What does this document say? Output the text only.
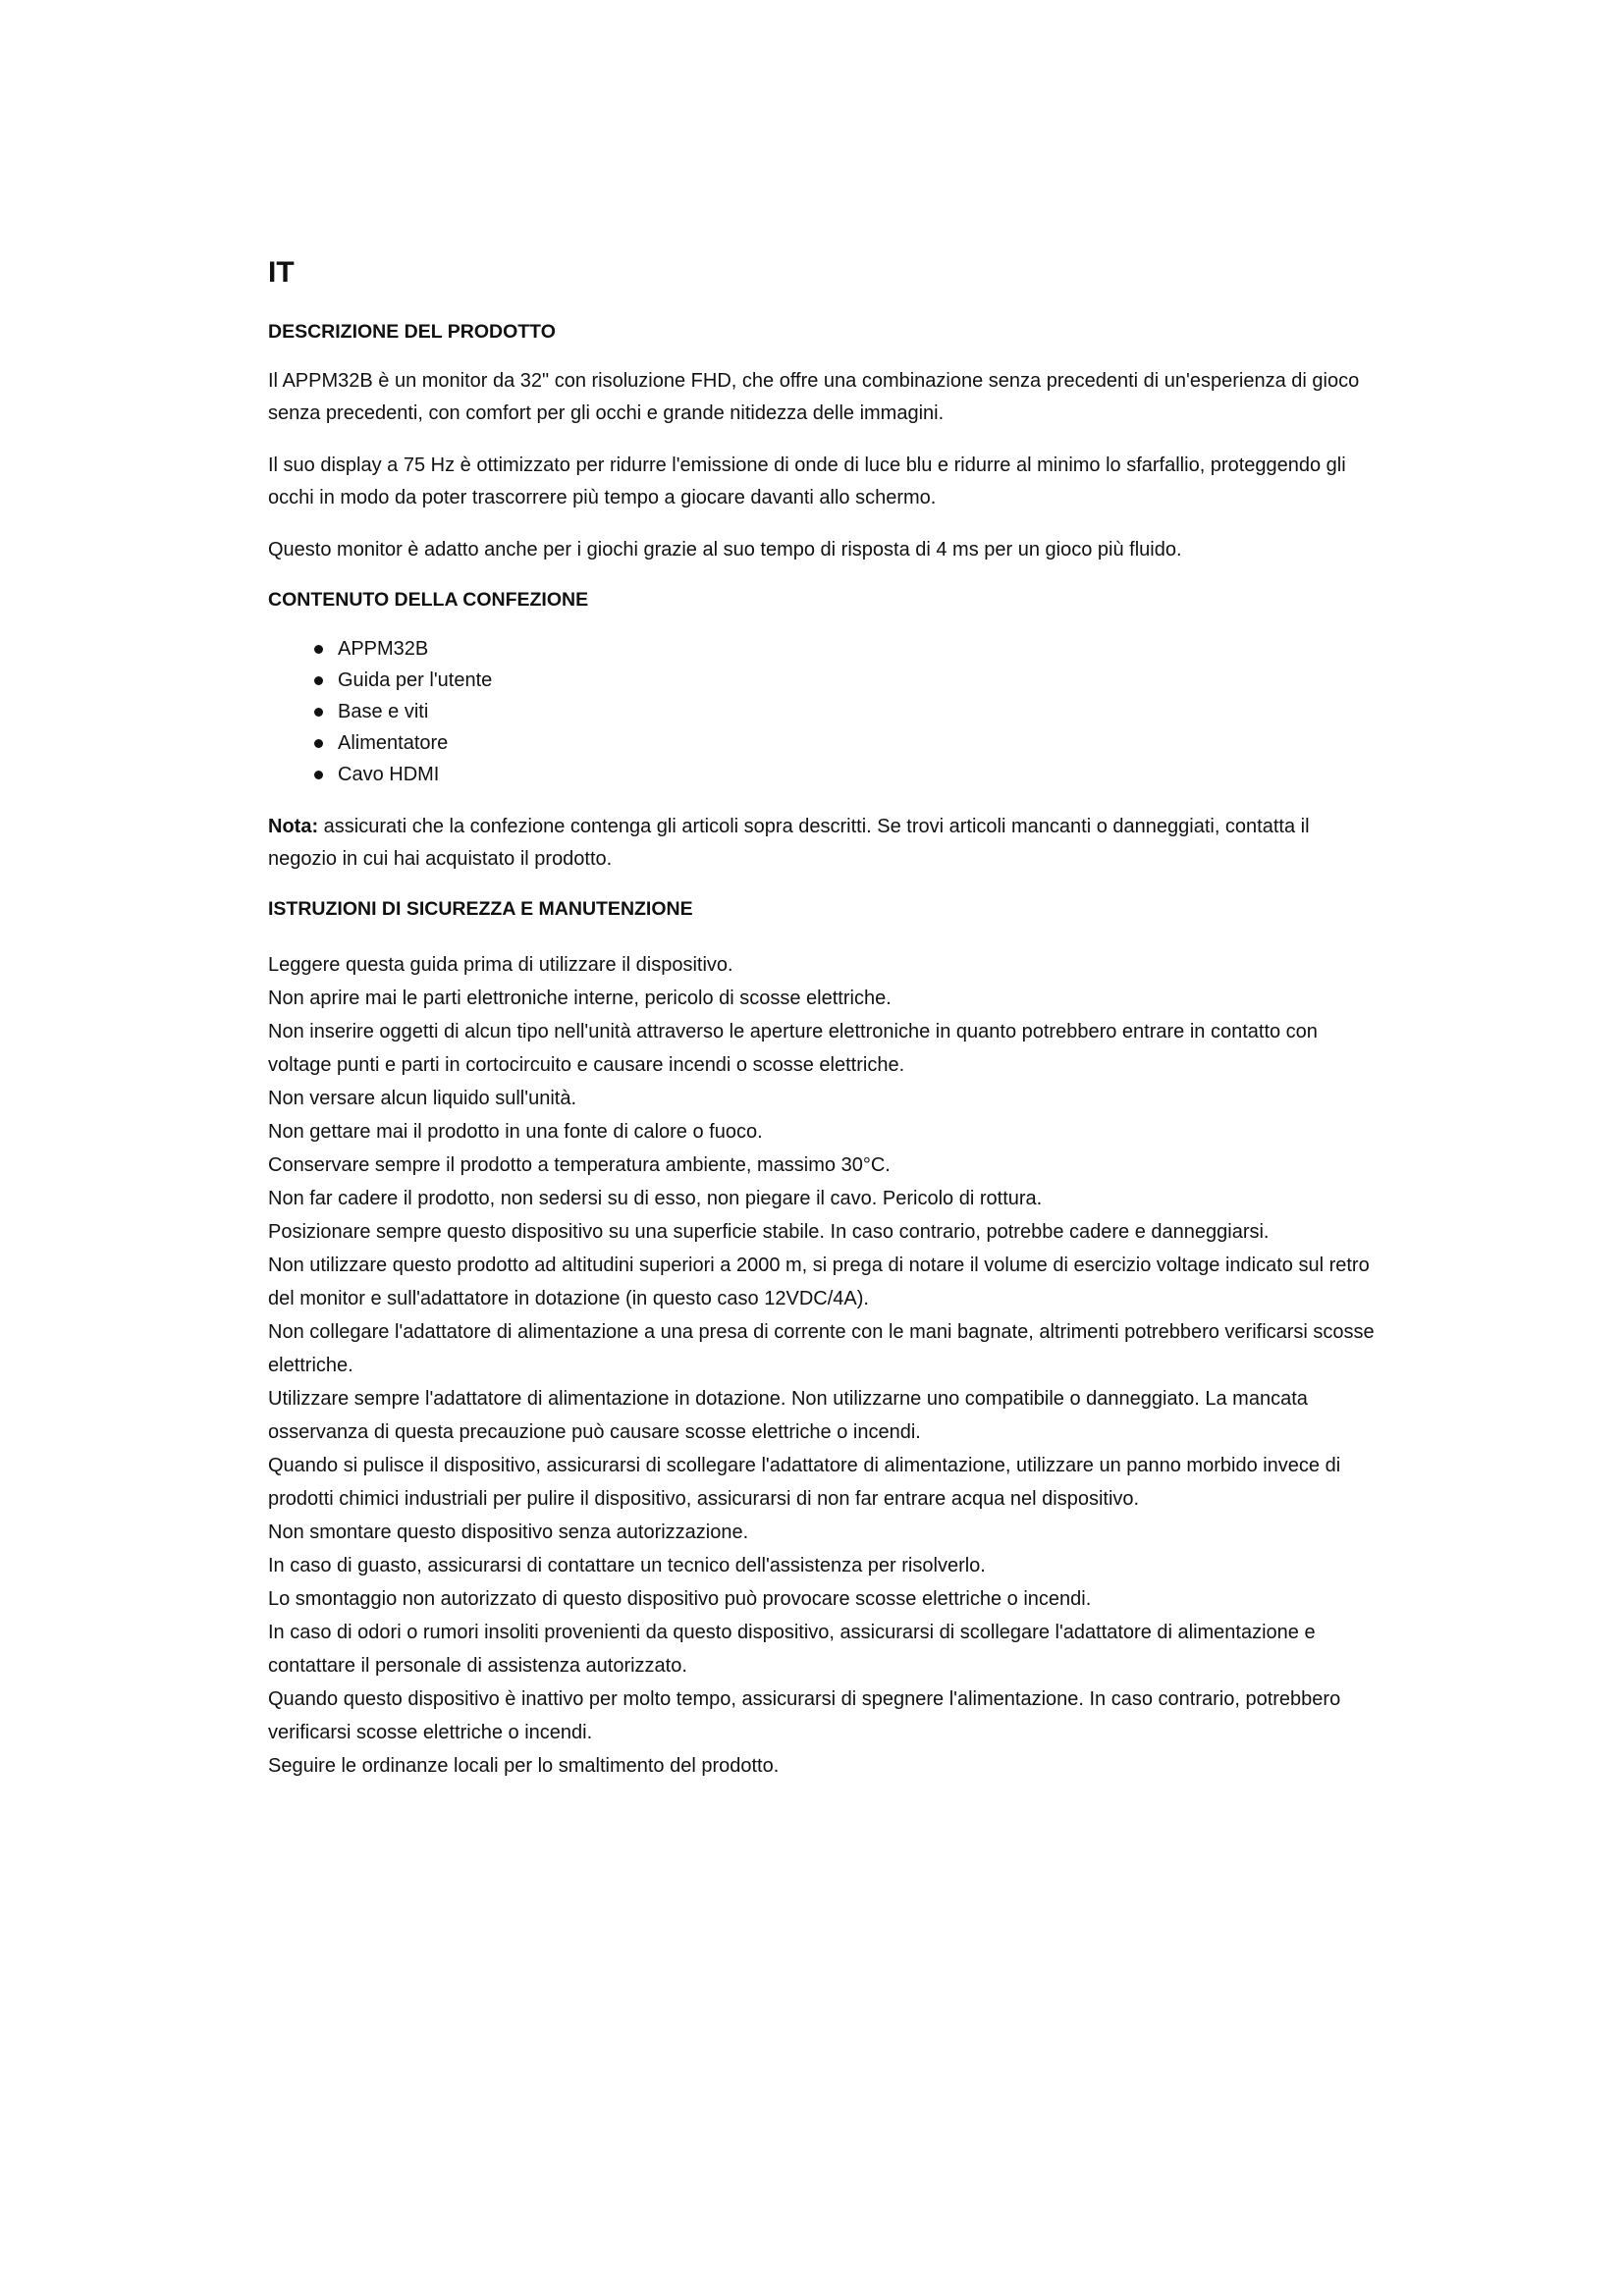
IT
DESCRIZIONE DEL PRODOTTO

Il APPM32B è un monitor da 32" con risoluzione FHD, che offre una combinazione senza precedenti di un'esperienza di gioco senza precedenti, con comfort per gli occhi e grande nitidezza delle immagini.

Il suo display a 75 Hz è ottimizzato per ridurre l'emissione di onde di luce blu e ridurre al minimo lo sfarfallio, proteggendo gli occhi in modo da poter trascorrere più tempo a giocare davanti allo schermo.

Questo monitor è adatto anche per i giochi grazie al suo tempo di risposta di 4 ms per un gioco più fluido.

CONTENUTO DELLA CONFEZIONE
APPM32B
Guida per l'utente
Base e viti
Alimentatore
Cavo HDMI

Nota: assicurati che la confezione contenga gli articoli sopra descritti. Se trovi articoli mancanti o danneggiati, contatta il negozio in cui hai acquistato il prodotto.

ISTRUZIONI DI SICUREZZA E MANUTENZIONE

Leggere questa guida prima di utilizzare il dispositivo.

Non aprire mai le parti elettroniche interne, pericolo di scosse elettriche.

Non inserire oggetti di alcun tipo nell'unità attraverso le aperture elettroniche in quanto potrebbero entrare in contatto con voltage punti e parti in cortocircuito e causare incendi o scosse elettriche.

Non versare alcun liquido sull'unità.

Non gettare mai il prodotto in una fonte di calore o fuoco.

Conservare sempre il prodotto a temperatura ambiente, massimo 30°C.

Non far cadere il prodotto, non sedersi su di esso, non piegare il cavo. Pericolo di rottura.

Posizionare sempre questo dispositivo su una superficie stabile. In caso contrario, potrebbe cadere e danneggiarsi.

Non utilizzare questo prodotto ad altitudini superiori a 2000 m, si prega di notare il volume di esercizio voltage indicato sul retro del monitor e sull'adattatore in dotazione (in questo caso 12VDC/4A).

Non collegare l'adattatore di alimentazione a una presa di corrente con le mani bagnate, altrimenti potrebbero verificarsi scosse elettriche.

Utilizzare sempre l'adattatore di alimentazione in dotazione. Non utilizzarne uno compatibile o danneggiato. La mancata osservanza di questa precauzione può causare scosse elettriche o incendi.

Quando si pulisce il dispositivo, assicurarsi di scollegare l'adattatore di alimentazione, utilizzare un panno morbido invece di prodotti chimici industriali per pulire il dispositivo, assicurarsi di non far entrare acqua nel dispositivo.

Non smontare questo dispositivo senza autorizzazione.

In caso di guasto, assicurarsi di contattare un tecnico dell'assistenza per risolverlo.

Lo smontaggio non autorizzato di questo dispositivo può provocare scosse elettriche o incendi.

In caso di odori o rumori insoliti provenienti da questo dispositivo, assicurarsi di scollegare l'adattatore di alimentazione e contattare il personale di assistenza autorizzato.

Quando questo dispositivo è inattivo per molto tempo, assicurarsi di spegnere l'alimentazione. In caso contrario, potrebbero verificarsi scosse elettriche o incendi.

Seguire le ordinanze locali per lo smaltimento del prodotto.
